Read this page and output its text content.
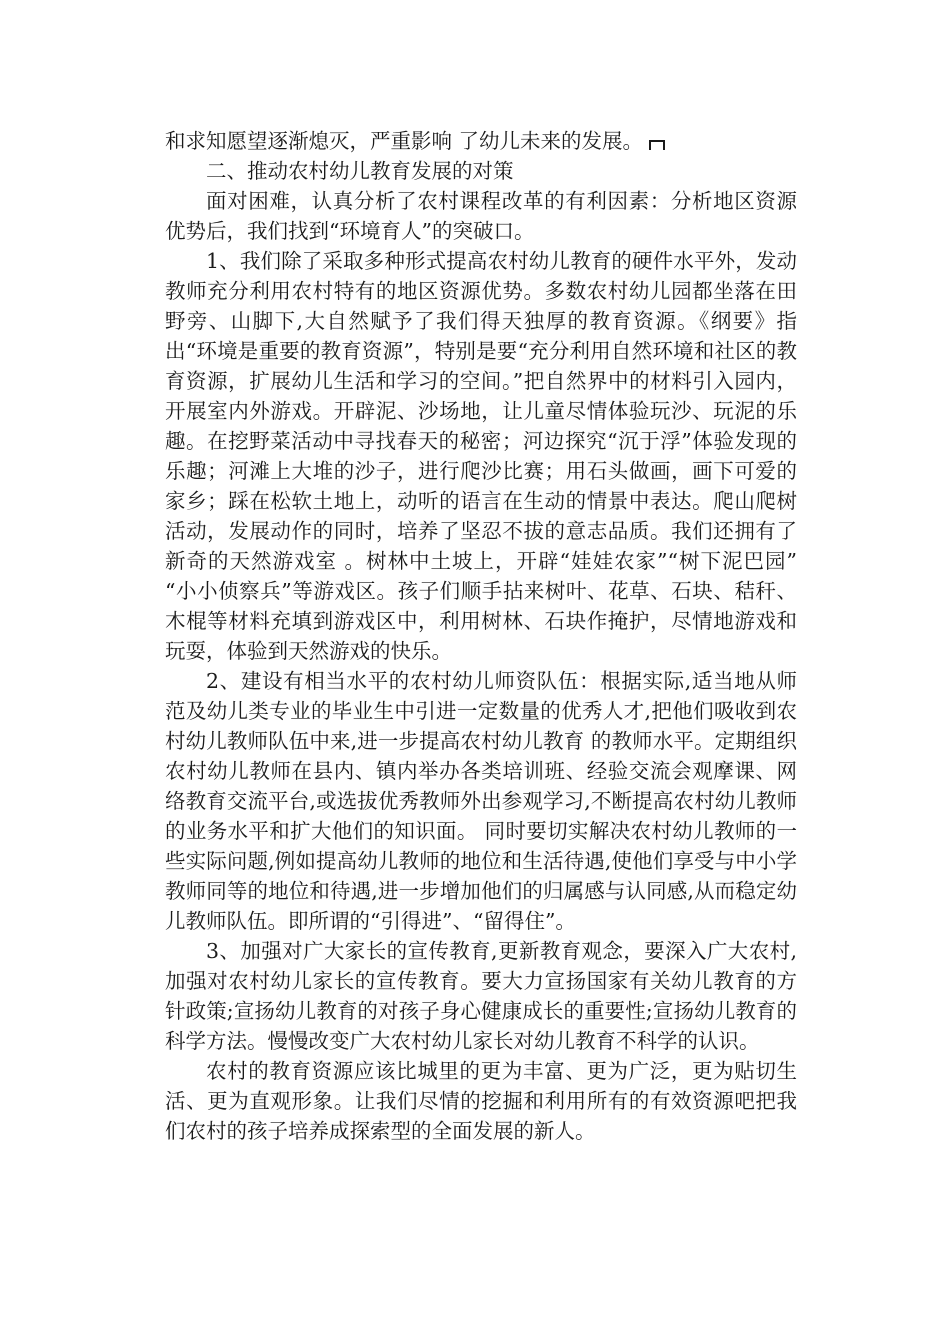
和求知愿望逐渐熄灭，严重影响 了幼儿未来的发展。

二、推动农村幼儿教育发展的对策

面对困难，认真分析了农村课程改革的有利因素：分析地区资源优势后，我们找到“环境育人”的突破口。

1、我们除了采取多种形式提高农村幼儿教育的硬件水平外，发动教师充分利用农村特有的地区资源优势。多数农村幼儿园都坐落在田野旁、山脚下,大自然赋予了我们得天独厚的教育资源。《纲要》指出“环境是重要的教育资源”，特别是要“充分利用自然环境和社区的教育资源，扩展幼儿生活和学习的空间。”把自然界中的材料引入园内，开展室内外游戏。开辟泥、沙场地，让儿童尽情体验玩沙、玩泥的乐趣。在挖野菜活动中寻找春天的秘密；河边探究“沉于浮”体验发现的乐趣；河滩上大堆的沙子，进行爬沙比赛；用石头做画，画下可爱的家乡；踩在松软土地上，动听的语言在生动的情景中表达。爬山爬树活动，发展动作的同时，培养了坚忍不拔的意志品质。我们还拥有了新奇的天然游戏室 。树林中土坡上，开辟“娃娃农家”“树下泥巴园” “小小侦察兵”等游戏区。孩子们顺手拈来树叶、花草、石块、秸秆、木棍等材料充填到游戏区中，利用树林、石块作掩护，尽情地游戏和玩耍，体验到天然游戏的快乐。

2、建设有相当水平的农村幼儿师资队伍：根据实际,适当地从师范及幼儿类专业的毕业生中引进一定数量的优秀人才,把他们吸收到农村幼儿教师队伍中来,进一步提高农村幼儿教育 的教师水平。定期组织农村幼儿教师在县内、镇内举办各类培训班、经验交流会观摩课、网络教育交流平台,或选拔优秀教师外出参观学习,不断提高农村幼儿教师的业务水平和扩大他们的知识面。 同时要切实解决农村幼儿教师的一些实际问题,例如提高幼儿教师的地位和生活待遇,使他们享受与中小学教师同等的地位和待遇,进一步增加他们的归属感与认同感,从而稳定幼儿教师队伍。即所谓的“引得进”、“留得住”。

3、加强对广大家长的宣传教育,更新教育观念，要深入广大农村,加强对农村幼儿家长的宣传教育。要大力宣扬国家有关幼儿教育的方针政策;宣扬幼儿教育的对孩子身心健康成长的重要性;宣扬幼儿教育的科学方法。慢慢改变广大农村幼儿家长对幼儿教育不科学的认识。

农村的教育资源应该比城里的更为丰富、更为广泛，更为贴切生活、更为直观形象。让我们尽情的挖掘和利用所有的有效资源吧把我们农村的孩子培养成探索型的全面发展的新人。
